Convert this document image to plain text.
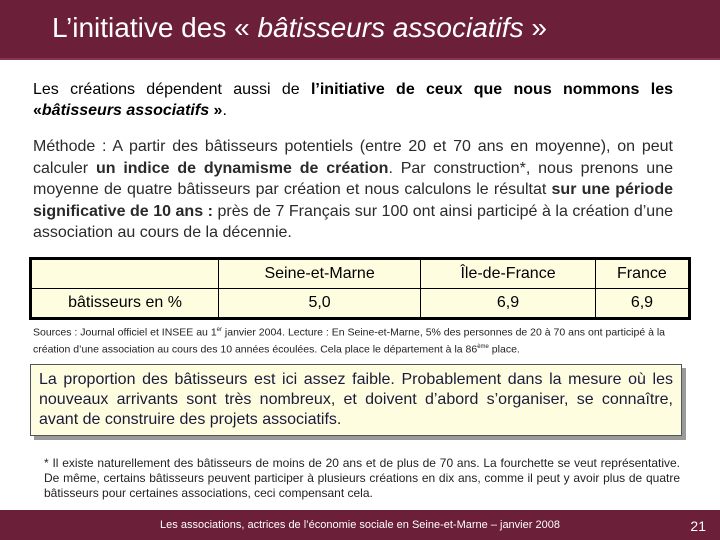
L’initiative des « bâtisseurs associatifs »
Les créations dépendent aussi de l’initiative de ceux que nous nommons les «bâtisseurs associatifs ».
Méthode : A partir des bâtisseurs potentiels (entre 20 et 70 ans en moyenne), on peut calculer un indice de dynamisme de création. Par construction*, nous prenons une moyenne de quatre bâtisseurs par création et nous calculons le résultat sur une période significative de 10 ans : près de 7 Français sur 100 ont ainsi participé à la création d’une association au cours de la décennie.
	Seine-et-Marne	Île-de-France	France
bâtisseurs en %	5,0	6,9	6,9
Sources : Journal officiel et INSEE au 1er janvier 2004. Lecture : En Seine-et-Marne, 5% des personnes de 20 à 70 ans ont participé à la création d’une association au cours des 10 années écoulées. Cela place le département à la 86ème place.
La proportion des bâtisseurs est ici assez faible. Probablement dans la mesure où les nouveaux arrivants sont très nombreux, et doivent d’abord s’organiser, se connaître, avant de construire des projets associatifs.
* Il existe naturellement des bâtisseurs de moins de 20 ans et de plus de 70 ans. La fourchette se veut représentative. De même, certains bâtisseurs peuvent participer à plusieurs créations en dix ans, comme il peut y avoir plus de quatre bâtisseurs pour certaines associations, ceci compensant cela.
Les associations, actrices de l’économie sociale en Seine-et-Marne – janvier 2008	21
